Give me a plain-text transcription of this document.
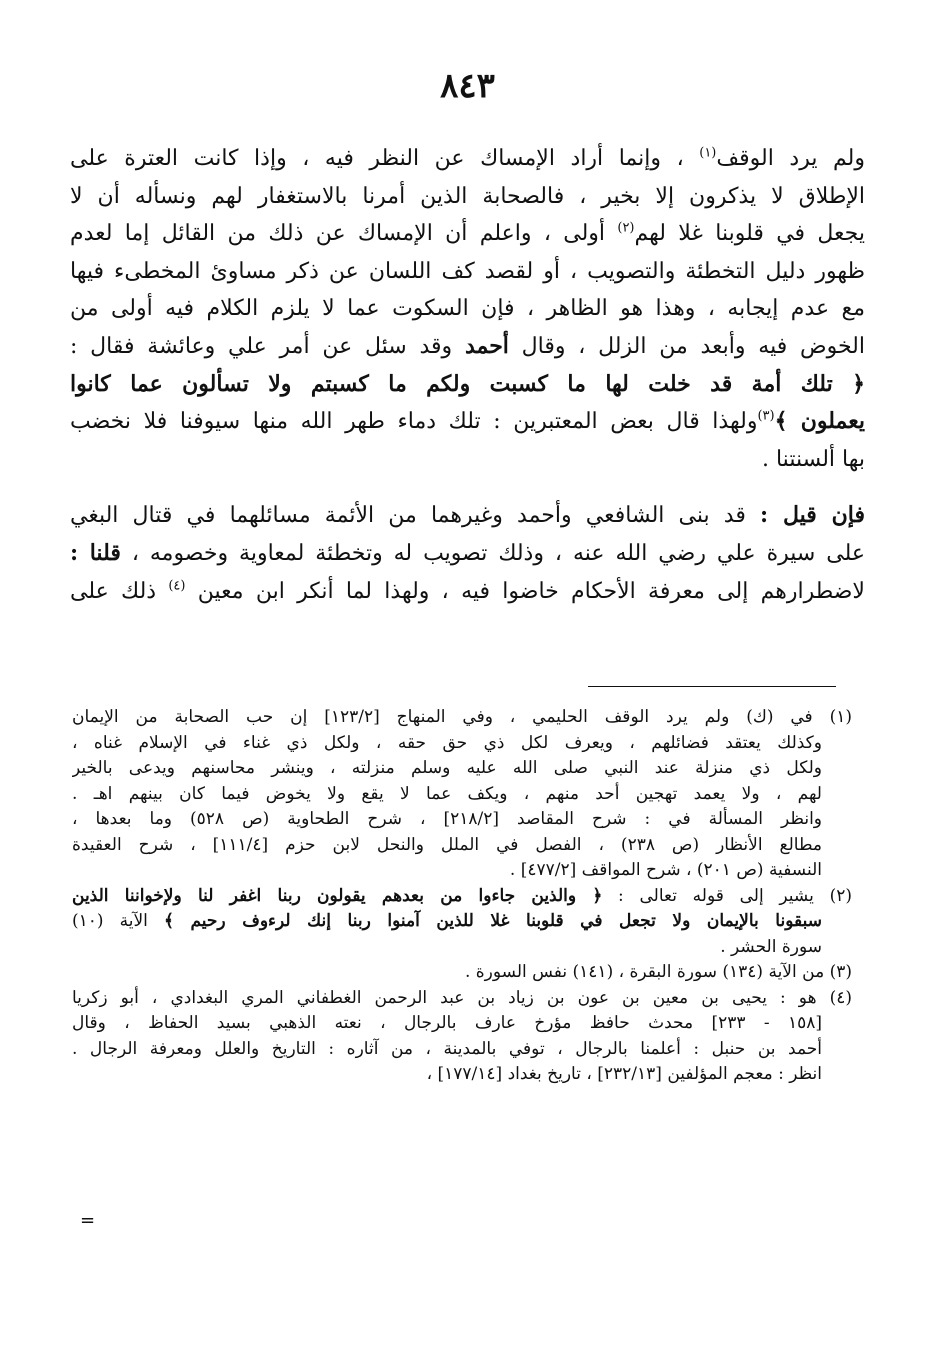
٨٤٣
ولم يرد الوقف$^{(١)}$ ، وإنما أراد الإمساك عن النظر فيه ، وإذا كانت العترة على
الإطلاق لا يذكرون إلا بخير ، فالصحابة الذين أمرنا بالاستغفار لهم ونسأله أن لا
يجعل في قلوبنا غلا لهم$^{(٢)}$ أولى ، واعلم أن الإمساك عن ذلك من القائل إما لعدم
ظهور دليل التخطئة والتصويب ، أو لقصد كف اللسان عن ذكر مساوئ المخطىء فيها
مع عدم إيجابه ، وهذا هو الظاهر ، فإن السكوت عما لا يلزم الكلام فيه أولى من
الخوض فيه وأبعد من الزلل ، وقال أحمد وقد سئل عن أمر علي وعائشة فقال :
﴿ تلك أمة قد خلت لها ما كسبت ولكم ما كسبتم ولا تسألون عما كانوا
يعملون ﴾$^{(٣)}$ولهذا قال بعض المعتبرين : تلك دماء طهر الله منها سيوفنا فلا نخضب
بها ألسنتنا .
فإن قيل : قد بنى الشافعي وأحمد وغيرهما من الأئمة مسائلهما في قتال البغي
على سيرة علي رضي الله عنه ، وذلك تصويب له وتخطئة لمعاوية وخصومه ، قلنا :
لاضطرارهم إلى معرفة الأحكام خاضوا فيه ، ولهذا لما أنكر ابن معين $^{(٤)}$ ذلك على
(١) في (ك) ولم يرد الوقف الحليمي ، وفي المنهاج [١٢٣/٢] إن حب الصحابة من الإيمان
وكذلك يعتقد فضائلهم ، ويعرف لكل ذي حق حقه ، ولكل ذي غناء في الإسلام غناه ،
ولكل ذي منزلة عند النبي صلى الله عليه وسلم منزلته ، وينشر محاسنهم ويدعى بالخير
لهم ، ولا يعمد تهجين أحد منهم ، ويكف عما لا يقع ولا يخوض فيما كان بينهم اهـ .
وانظر المسألة في : شرح المقاصد [٢١٨/٢] ، شرح الطحاوية (ص ٥٢٨) وما بعدها ،
مطالع الأنظار (ص ٢٣٨) ، الفصل في الملل والنحل لابن حزم [١١١/٤] ، شرح العقيدة
النسفية (ص ٢٠١) ، شرح المواقف [٤٧٧/٢] .
(٢) يشير إلى قوله تعالى : ﴿ والذين جاءوا من بعدهم يقولون ربنا اغفر لنا ولإخواننا الذين
سبقونا بالإيمان ولا تجعل في قلوبنا غلا للذين آمنوا ربنا إنك لرءوف رحيم ﴾ الآية (١٠)
سورة الحشر .
(٣) من الآية (١٣٤) سورة البقرة ، (١٤١) نفس السورة .
(٤) هو : يحيى بن معين بن عون بن زياد بن عبد الرحمن الغطفاني المري البغدادي ، أبو زكريا
[١٥٨ - ٢٣٣] محدث حافظ مؤرخ عارف بالرجال ، نعته الذهبي بسيد الحفاظ ، وقال
أحمد بن حنبل : أعلمنا بالرجال ، توفي بالمدينة ، من آثاره : التاريخ والعلل ومعرفة الرجال .
انظر : معجم المؤلفين [٢٣٢/١٣] ، تاريخ بغداد [١٧٧/١٤] ،
=
